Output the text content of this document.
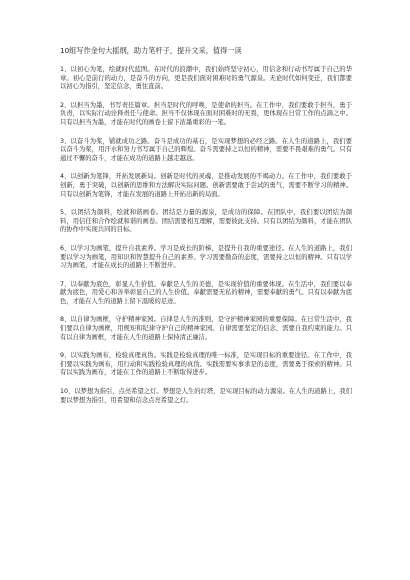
10组写作金句大摇纲，助力笔杆子，提升文采，值得一读
1、以初心为笔，绘就时代蓝图。在时代的浪潮中，我们始终坚守初心，用信念和行动书写属于自己的华章。初心是前行的动力，是奋斗的方向，更是我们面对困难时的勇气源泉。无论时代如何变迁，我们都要以初心为指引，坚定信念，勇往直前。
2、以担当为墨，书写责任篇章。担当是时代的呼唤，是使命的担当。在工作中，我们要敢于担当，勇于负责，以实际行动诠释责任与使命。担当不仅体现在面对困难时的无畏，更体现在日常工作的点滴之中。只有以担当为墨，才能在时代的画卷上留下浓墨重彩的一笔。
3、以奋斗为桨，铺就成功之路。奋斗是成功的基石，是实现梦想的必经之路。在人生的道路上，我们要以奋斗为桨，用汗水和努力书写属于自己的辉煌。奋斗需要持之以恒的精神，需要不畏艰难的勇气。只有通过不懈的奋斗，才能在成功的道路上越走越远。
4、以创新为笔锋，开拓发展新局。创新是时代的灵魂，是推动发展的不竭动力。在工作中，我们要敢于创新，勇于突破，以创新的思维和方法解决实际问题。创新需要敢于尝试的勇气，需要不断学习的精神。只有以创新为笔锋，才能在发展的道路上开拓出新的局面。
5、以团结为颜料，绘就和谐画卷。团结是力量的源泉，是成功的保障。在团队中，我们要以团结为颜料，用信任和合作绘就和谐的画卷。团结需要相互理解，需要彼此支持。只有以团结为颜料，才能在团队的协作中实现共同的目标。
6、以学习为画笔，提升自我素养。学习是成长的阶梯，是提升自我的重要途径。在人生的道路上，我们要以学习为画笔，用知识和智慧提升自己的素养。学习需要勤奋的态度，需要持之以恒的精神。只有以学习为画笔，才能在成长的道路上不断进步。
7、以奉献为底色，彰显人生价值。奉献是人生的美德，是实现价值的重要体现。在生活中，我们要以奉献为底色，用爱心和善举彰显自己的人生价值。奉献需要无私的精神，需要奉献的勇气。只有以奉献为底色，才能在人生的道路上留下温暖的足迹。
8、以自律为画框，守护精神家园。自律是人生的准则，是守护精神家园的重要保障。在日常生活中，我们要以自律为画框，用规矩和纪律守护自己的精神家园。自律需要坚定的信念，需要自我约束的能力。只有以自律为画框，才能在人生的道路上保持清正廉洁。
9、以实践为画布，检验真理真伪。实践是检验真理的唯一标准，是实现目标的重要途径。在工作中，我们要以实践为画布，用行动和实践检验真理的真伪。实践需要实事求是的态度，需要勇于探索的精神。只有以实践为画布，才能在工作的道路上不断取得进步。
10、以梦想为指引，点亮希望之灯。梦想是人生的灯塔，是实现目标的动力源泉。在人生的道路上，我们要以梦想为指引，用希望和信念点亮希望之灯。
